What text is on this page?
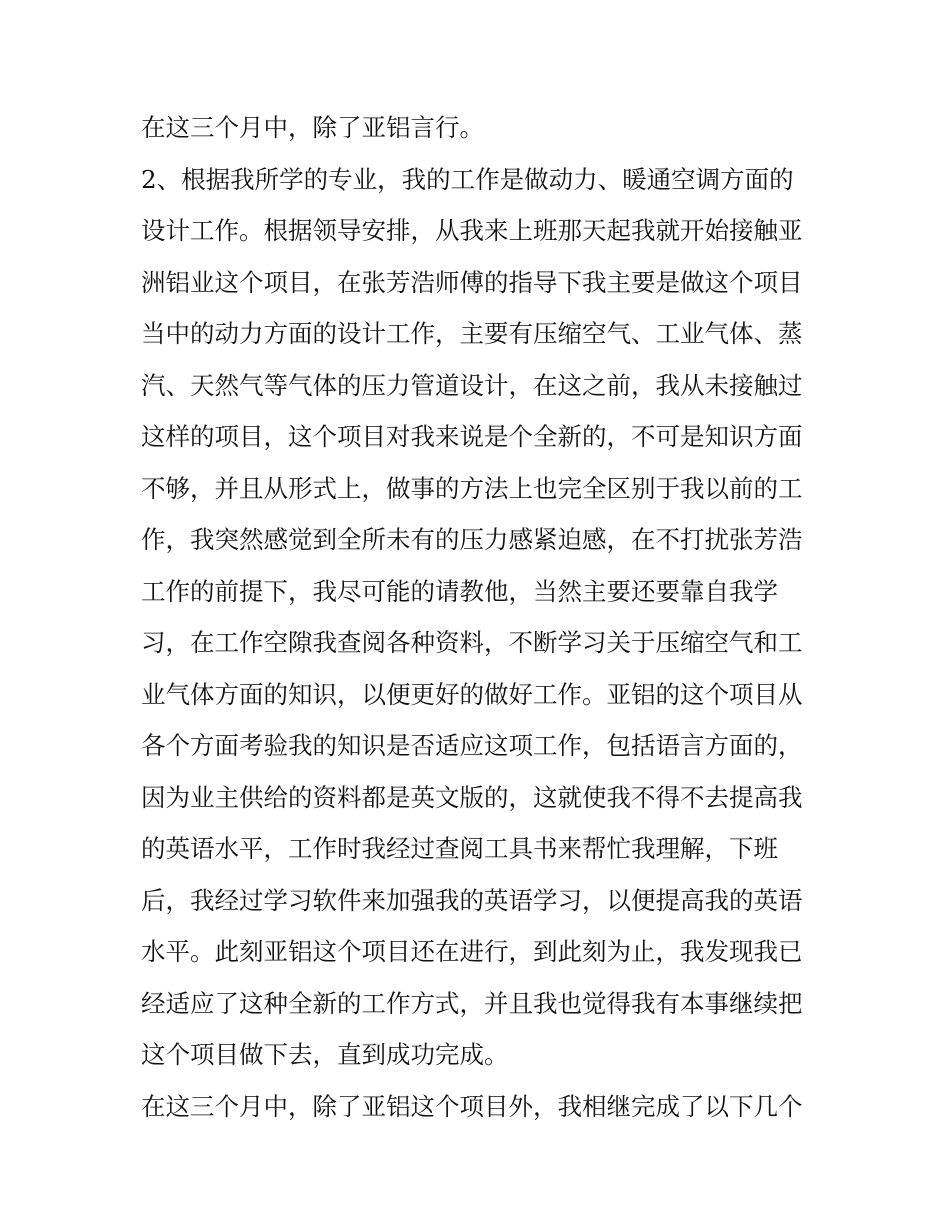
在这三个月中，除了亚铝言行。

2、根据我所学的专业，我的工作是做动力、暖通空调方面的

设计工作。根据领导安排，从我来上班那天起我就开始接触亚

洲铝业这个项目，在张芳浩师傅的指导下我主要是做这个项目

当中的动力方面的设计工作，主要有压缩空气、工业气体、蒸

汽、天然气等气体的压力管道设计，在这之前，我从未接触过

这样的项目，这个项目对我来说是个全新的，不可是知识方面

不够，并且从形式上，做事的方法上也完全区别于我以前的工

作，我突然感觉到全所未有的压力感紧迫感，在不打扰张芳浩

工作的前提下，我尽可能的请教他，当然主要还要靠自我学

习，在工作空隙我查阅各种资料，不断学习关于压缩空气和工

业气体方面的知识，以便更好的做好工作。亚铝的这个项目从

各个方面考验我的知识是否适应这项工作，包括语言方面的，

因为业主供给的资料都是英文版的，这就使我不得不去提高我

的英语水平，工作时我经过查阅工具书来帮忙我理解，下班

后，我经过学习软件来加强我的英语学习，以便提高我的英语

水平。此刻亚铝这个项目还在进行，到此刻为止，我发现我已

经适应了这种全新的工作方式，并且我也觉得我有本事继续把

这个项目做下去，直到成功完成。

在这三个月中，除了亚铝这个项目外，我相继完成了以下几个
